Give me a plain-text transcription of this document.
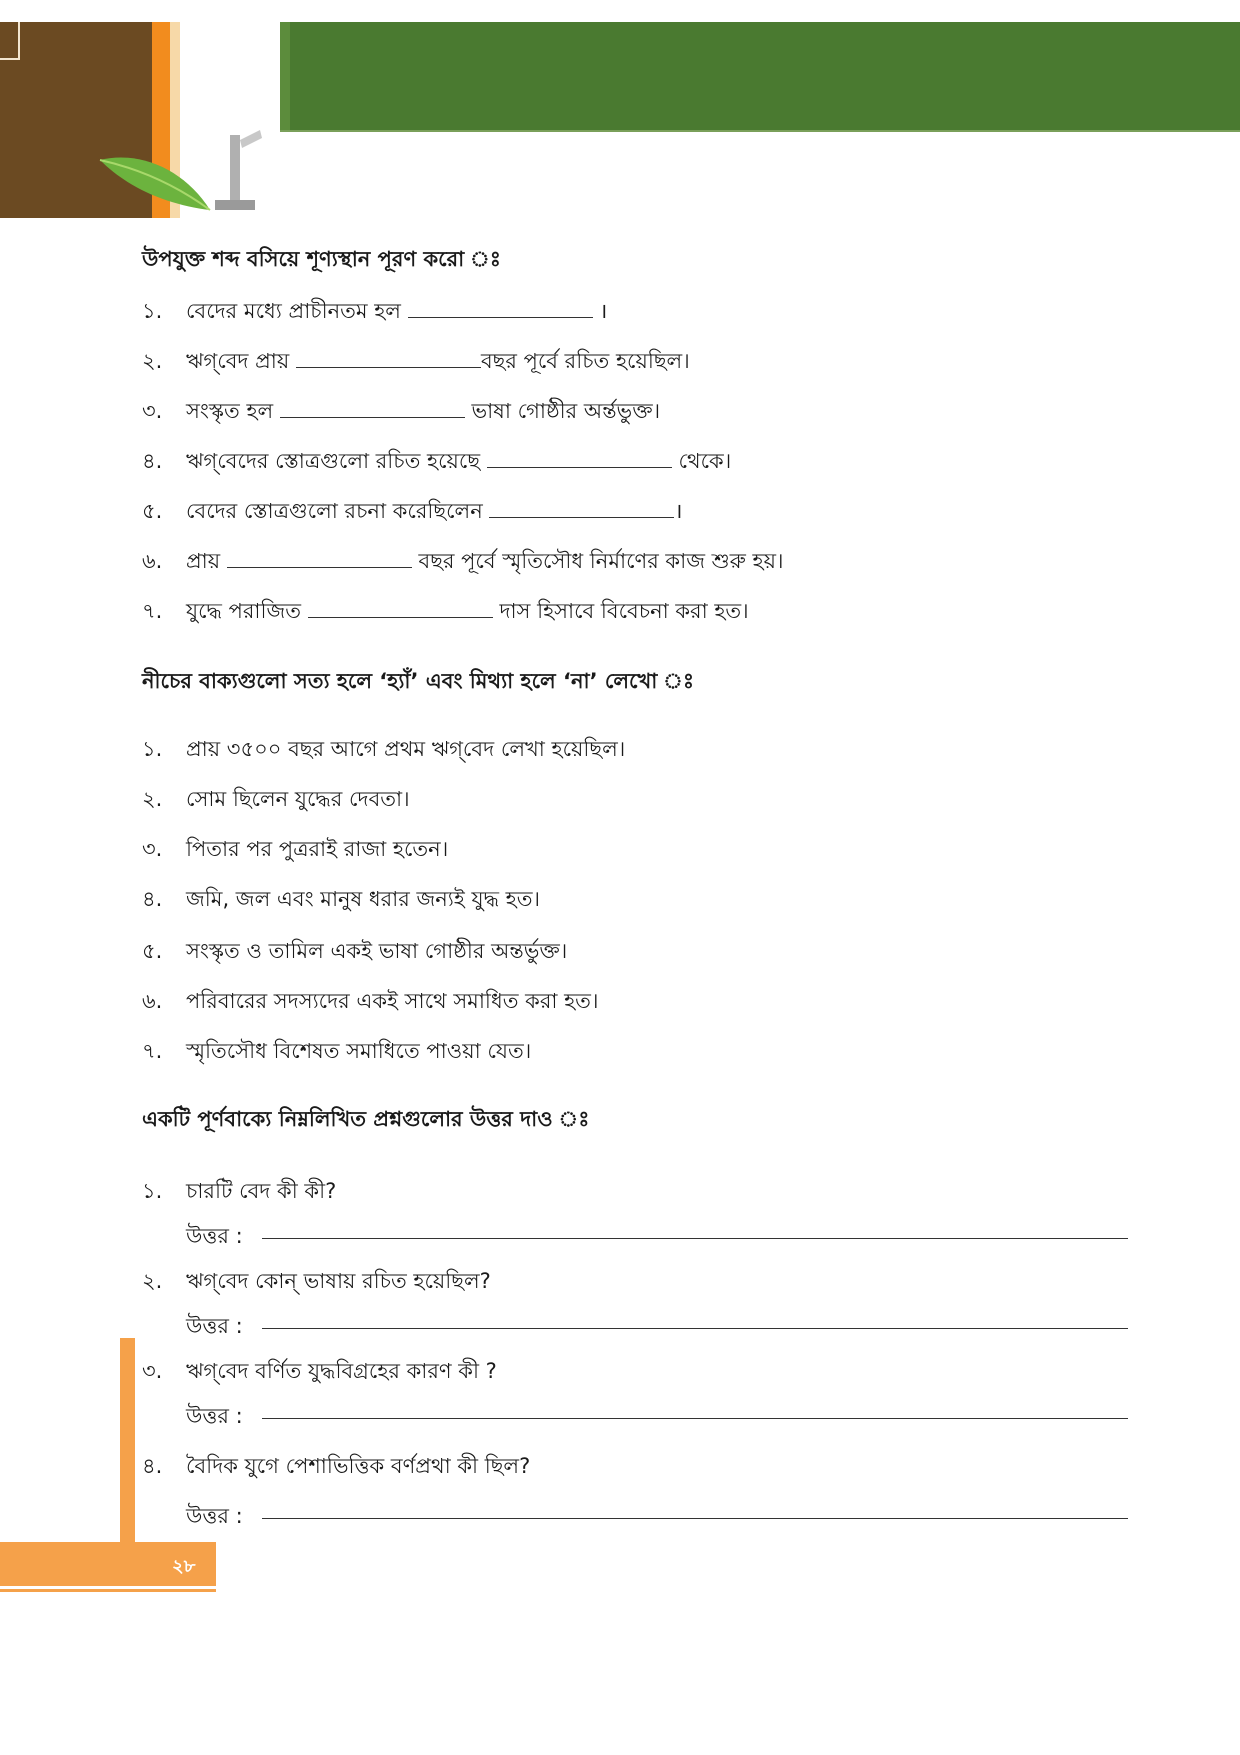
উপযুক্ত শব্দ বসিয়ে শূণ্যস্থান পূরণ করো ঃ
১. বেদের মধ্যে প্রাচীনতম হল	।
২. ঋগ্‌বেদ প্রায়	বছর পূর্বে রচিত হয়েছিল।
৩. সংস্কৃত হল	ভাষা গোষ্ঠীর অর্ন্তভুক্ত।
৪. ঋগ্‌বেদের স্তোত্রগুলো রচিত হয়েছে	থেকে।
৫. বেদের স্তোত্রগুলো রচনা করেছিলেন	।
৬. প্রায়	বছর পূর্বে স্মৃতিসৌধ নির্মাণের কাজ শুরু হয়।
৭. যুদ্ধে পরাজিত	দাস হিসাবে বিবেচনা করা হত।
নীচের বাক্যগুলো সত্য হলে ‘হ্যাঁ’ এবং মিথ্যা হলে ‘না’ লেখো ঃ
১. প্রায় ৩৫০০ বছর আগে প্রথম ঋগ্‌বেদ লেখা হয়েছিল।
২. সোম ছিলেন যুদ্ধের দেবতা।
৩. পিতার পর পুত্ররাই রাজা হতেন।
৪. জমি, জল এবং মানুষ ধরার জন্যই যুদ্ধ হত।
৫. সংস্কৃত ও তামিল একই ভাষা গোষ্ঠীর অন্তর্ভুক্ত।
৬. পরিবারের সদস্যদের একই সাথে সমাধিত করা হত।
৭. স্মৃতিসৌধ বিশেষত সমাধিতে পাওয়া যেত।
একটি পূর্ণবাক্যে নিম্নলিখিত প্রশ্নগুলোর উত্তর দাও ঃ
১. চারটি বেদ কী কী?
উত্তর :
২. ঋগ্‌বেদ কোন্ ভাষায় রচিত হয়েছিল?
উত্তর :
৩. ঋগ্‌বেদ বর্ণিত যুদ্ধবিগ্রহের কারণ কী ?
উত্তর :
৪. বৈদিক যুগে পেশাভিত্তিক বর্ণপ্রথা কী ছিল?
উত্তর :
২৮
